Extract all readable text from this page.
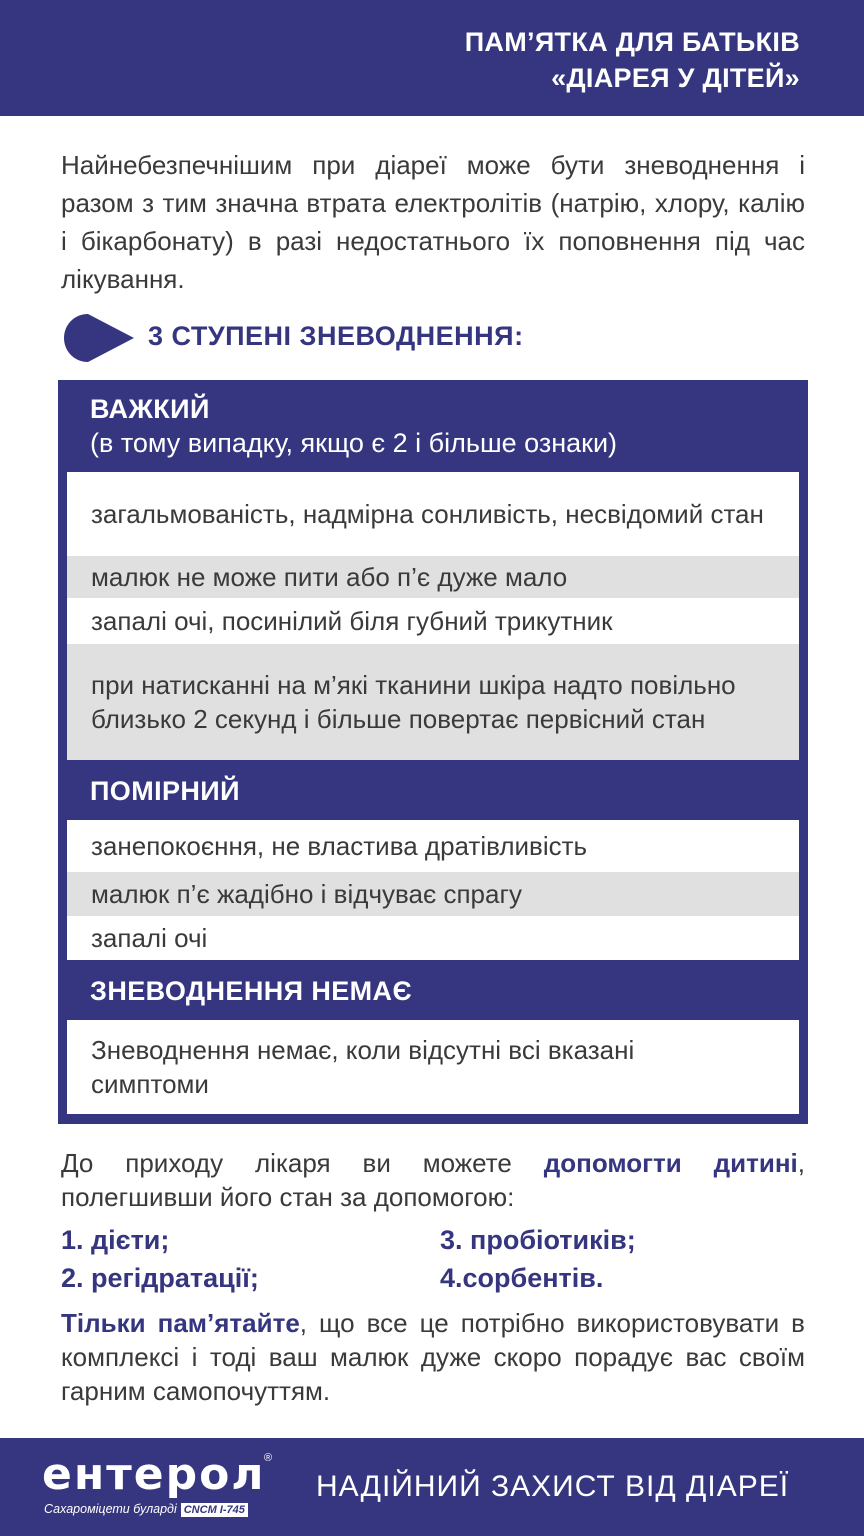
ПАМ’ЯТКА ДЛЯ БАТЬКІВ
«ДІАРЕЯ У ДІТЕЙ»
Найнебезпечнішим при діареї може бути зневоднення і разом з тим значна втрата електролітів (натрію, хлору, калію і бікарбонату) в разі недостатнього їх поповнення під час лікування.
3 СТУПЕНІ ЗНЕВОДНЕННЯ:
ВАЖКИЙ
(в тому випадку, якщо є 2 і більше ознаки)
загальмованість, надмірна сонливість, несвідомий стан
малюк не може пити або п’є дуже мало
запалі очі, посинілий біля губний трикутник
при натисканні на м’які тканини шкіра надто повільно близько 2 секунд і більше повертає первісний стан
ПОМІРНИЙ
занепокоєння, не властива дратівливість
малюк п’є жадібно і відчуває спрагу
запалі очі
ЗНЕВОДНЕННЯ НЕМАЄ
Зневоднення немає, коли відсутні всі вказані симптоми
До приходу лікаря ви можете допомогти дитині, полегшивши його стан за допомогою:
1. дієти;
2. регідратації;
3. пробіотиків;
4.сорбентів.
Тільки пам’ятайте, що все це потрібно використовувати в комплексі і тоді ваш малюк дуже скоро порадує вас своїм гарним самопочуттям.
ентерол
®
Сахароміцети буларді CNCM I-745
НАДІЙНИЙ ЗАХИСТ ВІД ДІАРЕЇ
